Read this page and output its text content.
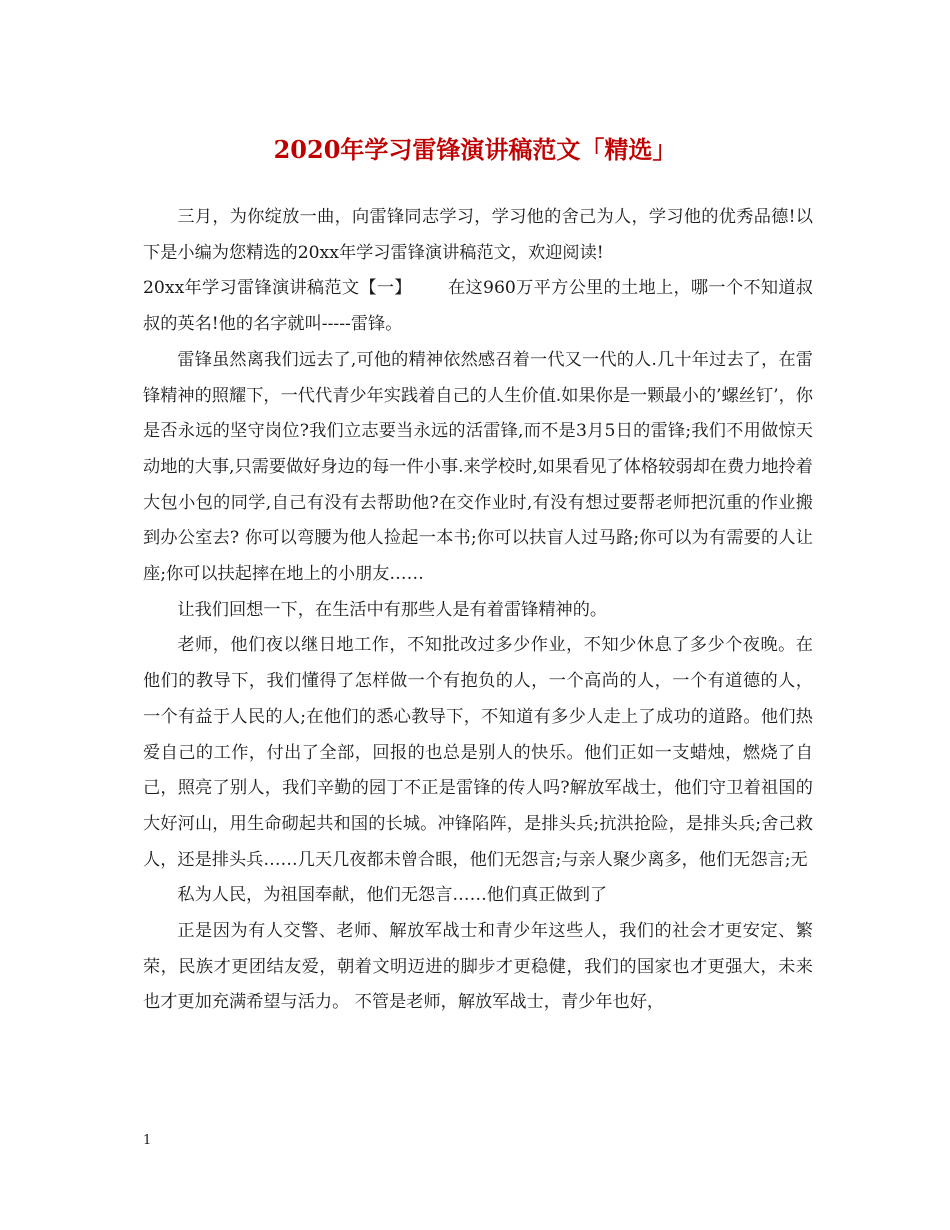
2020年学习雷锋演讲稿范文「精选」

三月，为你绽放一曲，向雷锋同志学习，学习他的舍己为人，学习他的优秀品德!以下是小编为您精选的20xx年学习雷锋演讲稿范文，欢迎阅读!

20xx年学习雷锋演讲稿范文【一】 在这960万平方公里的土地上，哪一个不知道叔叔的英名!他的名字就叫-----雷锋。

雷锋虽然离我们远去了,可他的精神依然感召着一代又一代的人.几十年过去了，在雷锋精神的照耀下，一代代青少年实践着自己的人生价值.如果你是一颗最小的’螺丝钉’，你是否永远的坚守岗位?我们立志要当永远的活雷锋,而不是3月5日的雷锋;我们不用做惊天动地的大事,只需要做好身边的每一件小事.来学校时,如果看见了体格较弱却在费力地拎着大包小包的同学,自己有没有去帮助他?在交作业时,有没有想过要帮老师把沉重的作业搬到办公室去? 你可以弯腰为他人捡起一本书;你可以扶盲人过马路;你可以为有需要的人让座;你可以扶起摔在地上的小朋友……

让我们回想一下，在生活中有那些人是有着雷锋精神的。

老师，他们夜以继日地工作，不知批改过多少作业，不知少休息了多少个夜晚。在他们的教导下，我们懂得了怎样做一个有抱负的人，一个高尚的人，一个有道德的人，一个有益于人民的人;在他们的悉心教导下，不知道有多少人走上了成功的道路。他们热爱自己的工作，付出了全部，回报的也总是别人的快乐。他们正如一支蜡烛，燃烧了自己，照亮了别人，我们辛勤的园丁不正是雷锋的传人吗?解放军战士，他们守卫着祖国的大好河山，用生命砌起共和国的长城。冲锋陷阵，是排头兵;抗洪抢险，是排头兵;舍己救人，还是排头兵……几天几夜都未曾合眼，他们无怨言;与亲人聚少离多，他们无怨言;无

私为人民，为祖国奉献，他们无怨言……他们真正做到了

正是因为有人交警、老师、解放军战士和青少年这些人，我们的社会才更安定、繁荣，民族才更团结友爱，朝着文明迈进的脚步才更稳健，我们的国家也才更强大，未来也才更加充满希望与活力。 不管是老师，解放军战士，青少年也好，

1
